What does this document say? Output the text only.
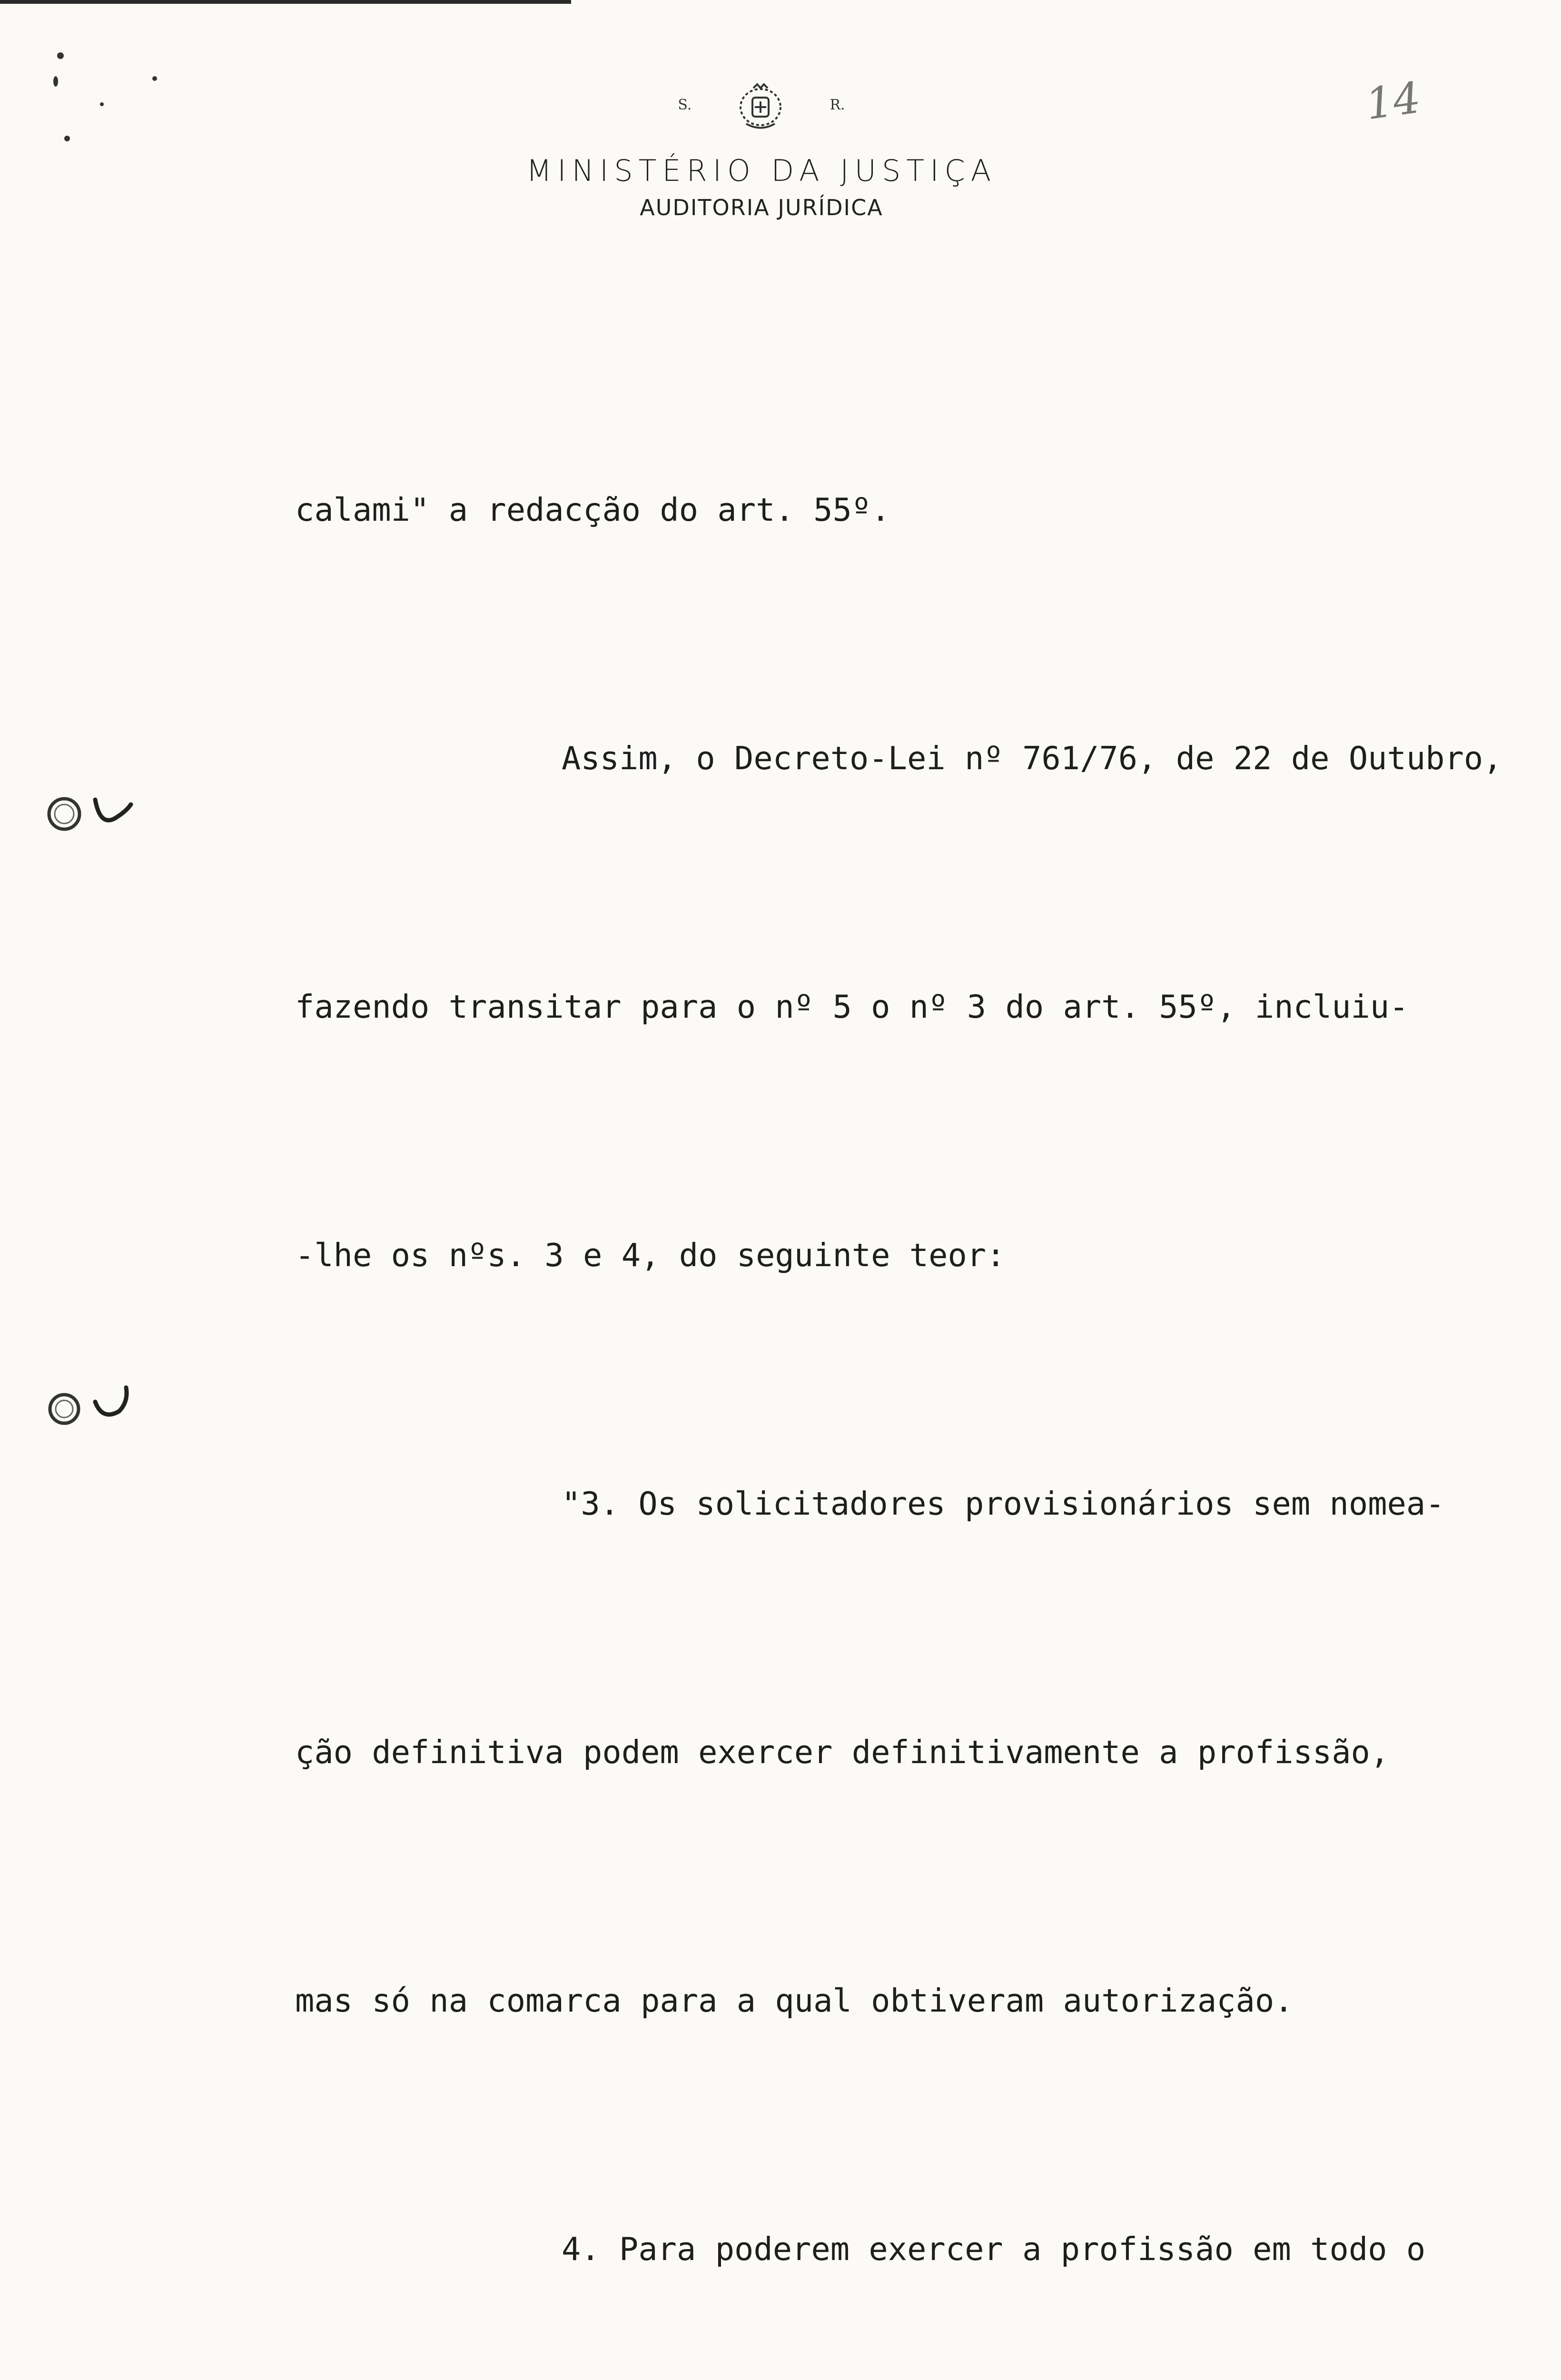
S.	R.
MINISTÉRIO DA JUSTIÇA
AUDITORIA JURÍDICA
14

calami" a redacção do art. 55º.

Assim, o Decreto-Lei nº 761/76, de 22 de Outubro,

fazendo transitar para o nº 5 o nº 3 do art. 55º, incluiu-

-lhe os nºs. 3 e 4, do seguinte teor:

"3. Os solicitadores provisionários sem nomea-

ção definitiva podem exercer definitivamente a profissão,

mas só na comarca para a qual obtiveram autorização.

4. Para poderem exercer a profissão em todo o
